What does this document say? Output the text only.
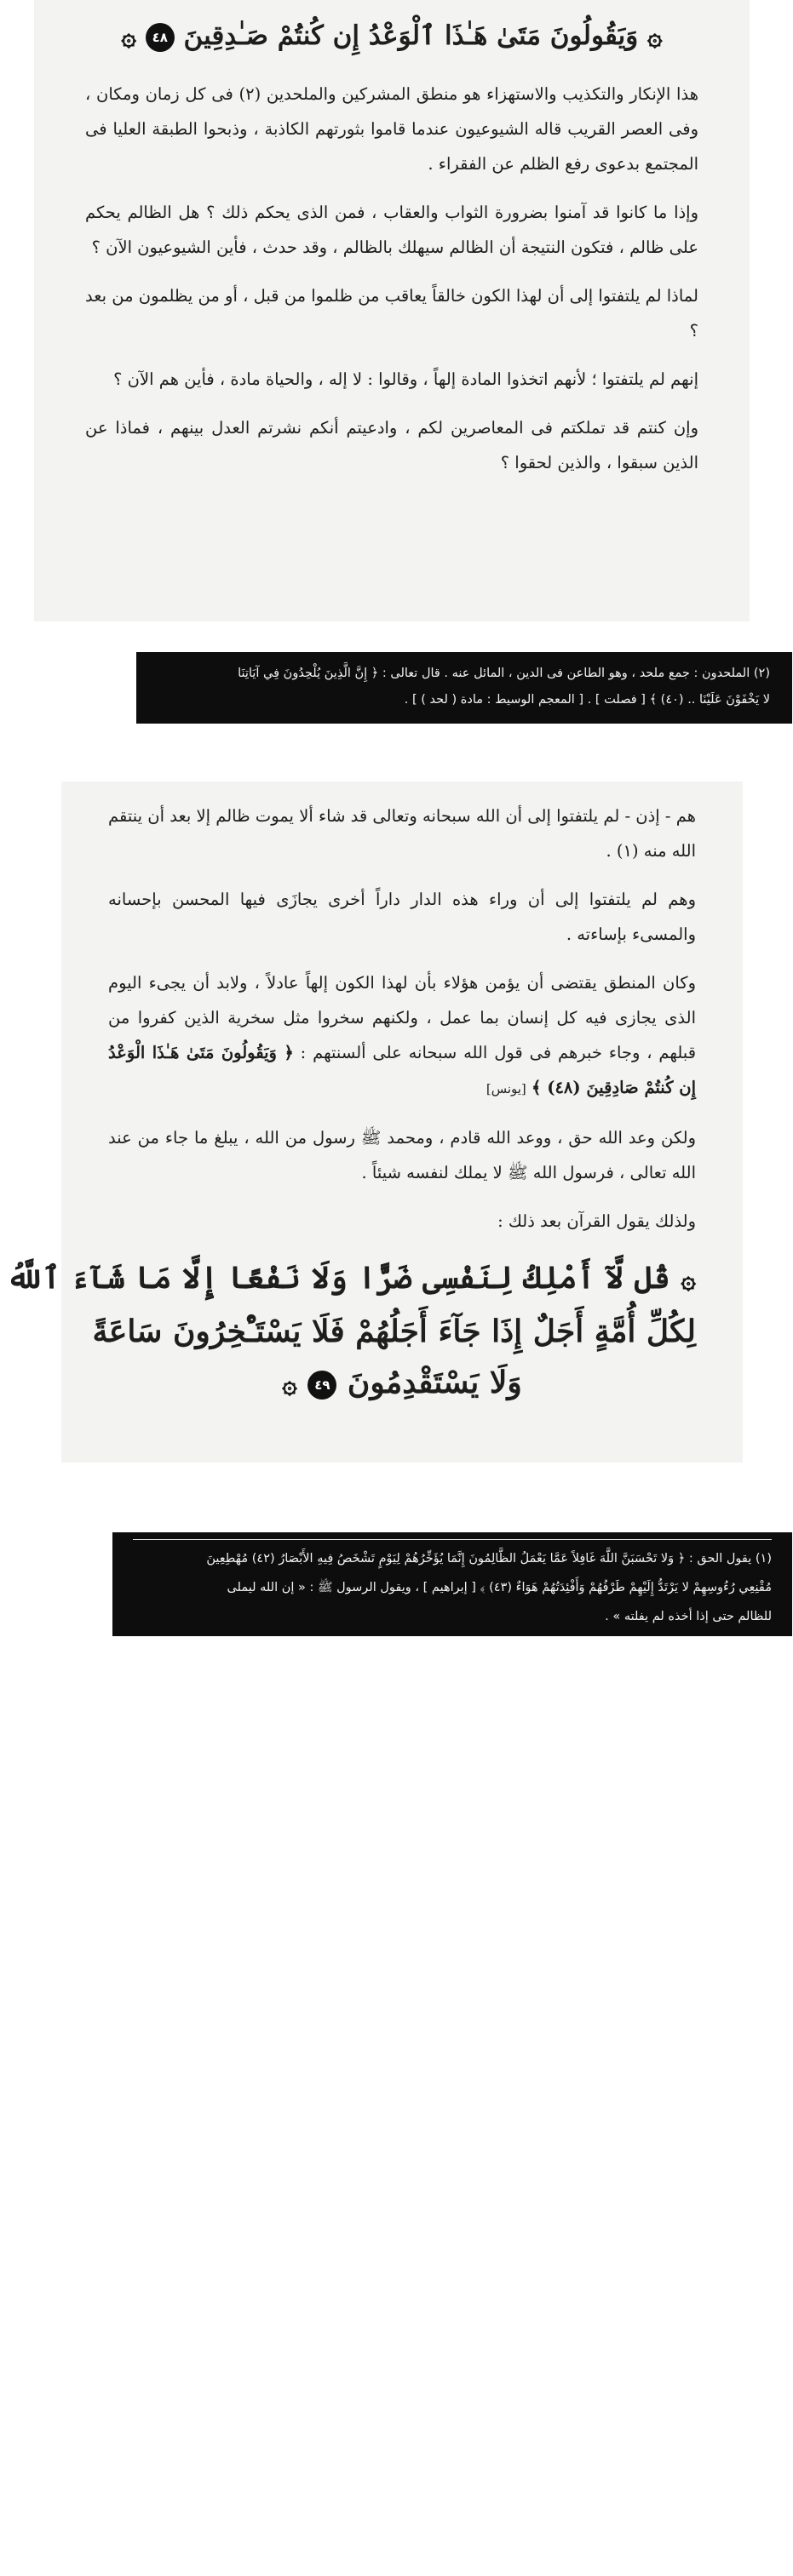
۞ وَيَقُولُونَ مَتَىٰ هَـٰذَا ٱلْوَعْدُ إِن كُنتُمْ صَـٰدِقِينَ ٤٨ ۞

هذا الإنكار والتكذيب والاستهزاء هو منطق المشركين والملحدين (٢) فى كل زمان ومكان ، وفى العصر القريب قاله الشيوعيون عندما قاموا بثورتهم الكاذبة ، وذبحوا الطبقة العليا فى المجتمع بدعوى رفع الظلم عن الفقراء .

وإذا ما كانوا قد آمنوا بضرورة الثواب والعقاب ، فمن الذى يحكم ذلك ؟ هل الظالم يحكم على ظالم ، فتكون النتيجة أن الظالم سيهلك بالظالم ، وقد حدث ، فأين الشيوعيون الآن ؟

لماذا لم يلتفتوا إلى أن لهذا الكون خالقاً يعاقب من ظلموا من قبل ، أو من يظلمون من بعد ؟

إنهم لم يلتفتوا ؛ لأنهم اتخذوا المادة إلهاً ، وقالوا : لا إله ، والحياة مادة ، فأين هم الآن ؟

وإن كنتم قد تملكتم فى المعاصرين لكم ، وادعيتم أنكم نشرتم العدل بينهم ، فماذا عن الذين سبقوا ، والذين لحقوا ؟

(٢) الملحدون : جمع ملحد ، وهو الطاعن فى الدين ، المائل عنه . قال تعالى : ﴿ إِنَّ الَّذِينَ يُلْحِدُونَ فِي آيَاتِنَا
لا يَخْفَوْنَ عَلَيْنَا .. (٤٠) ﴾ [ فصلت ] . [ المعجم الوسيط : مادة ( لحد ) ] .

هم - إذن - لم يلتفتوا إلى أن الله سبحانه وتعالى قد شاء ألا يموت ظالم إلا بعد أن ينتقم الله منه (١) .

وهم لم يلتفتوا إلى أن وراء هذه الدار داراً أخرى يجازَى فيها المحسن بإحسانه والمسىء بإساءته .

وكان المنطق يقتضى أن يؤمن هؤلاء بأن لهذا الكون إلهاً عادلاً ، ولابد أن يجىء اليوم الذى يجازى فيه كل إنسان بما عمل ، ولكنهم سخروا مثل سخرية الذين كفروا من قبلهم ، وجاء خبرهم فى قول الله سبحانه على ألسنتهم : ﴿ وَيَقُولُونَ مَتَىٰ هَـٰذَا الْوَعْدُ إِن كُنتُمْ صَادِقِينَ (٤٨) ﴾ [يونس]

ولكن وعد الله حق ، ووعد الله قادم ، ومحمد ﷺ رسول من الله ، يبلغ ما جاء من عند الله تعالى ، فرسول الله ﷺ لا يملك لنفسه شيئاً .

ولذلك يقول القرآن بعد ذلك :

۞ قُل لَّآ أَمْلِكُ لِنَفْسِى ضَرًّا وَلَا نَفْعًا إِلَّا مَا شَآءَ ٱللَّهُ
لِكُلِّ أُمَّةٍ أَجَلٌ إِذَا جَآءَ أَجَلُهُمْ فَلَا يَسْتَـْٔخِرُونَ سَاعَةً
وَلَا يَسْتَقْدِمُونَ ٤٩ ۞
(١) يقول الحق : ﴿ وَلا تَحْسَبَنَّ اللَّهَ غَافِلاً عَمَّا يَعْمَلُ الظَّالِمُونَ إِنَّمَا يُؤَخِّرُهُمْ لِيَوْمٍ تَشْخَصُ فِيهِ الأَبْصَارُ (٤٢) مُهْطِعِينَ
مُقْنِعِي رُءُوسِهِمْ لا يَرْتَدُّ إِلَيْهِمْ طَرْفُهُمْ وَأَفْئِدَتُهُمْ هَوَاءٌ (٤٣) ﴾ [ إبراهيم ] ، ويقول الرسول ﷺ : « إن الله ليملى
للظالم حتى إذا أخذه لم يفلته » .
